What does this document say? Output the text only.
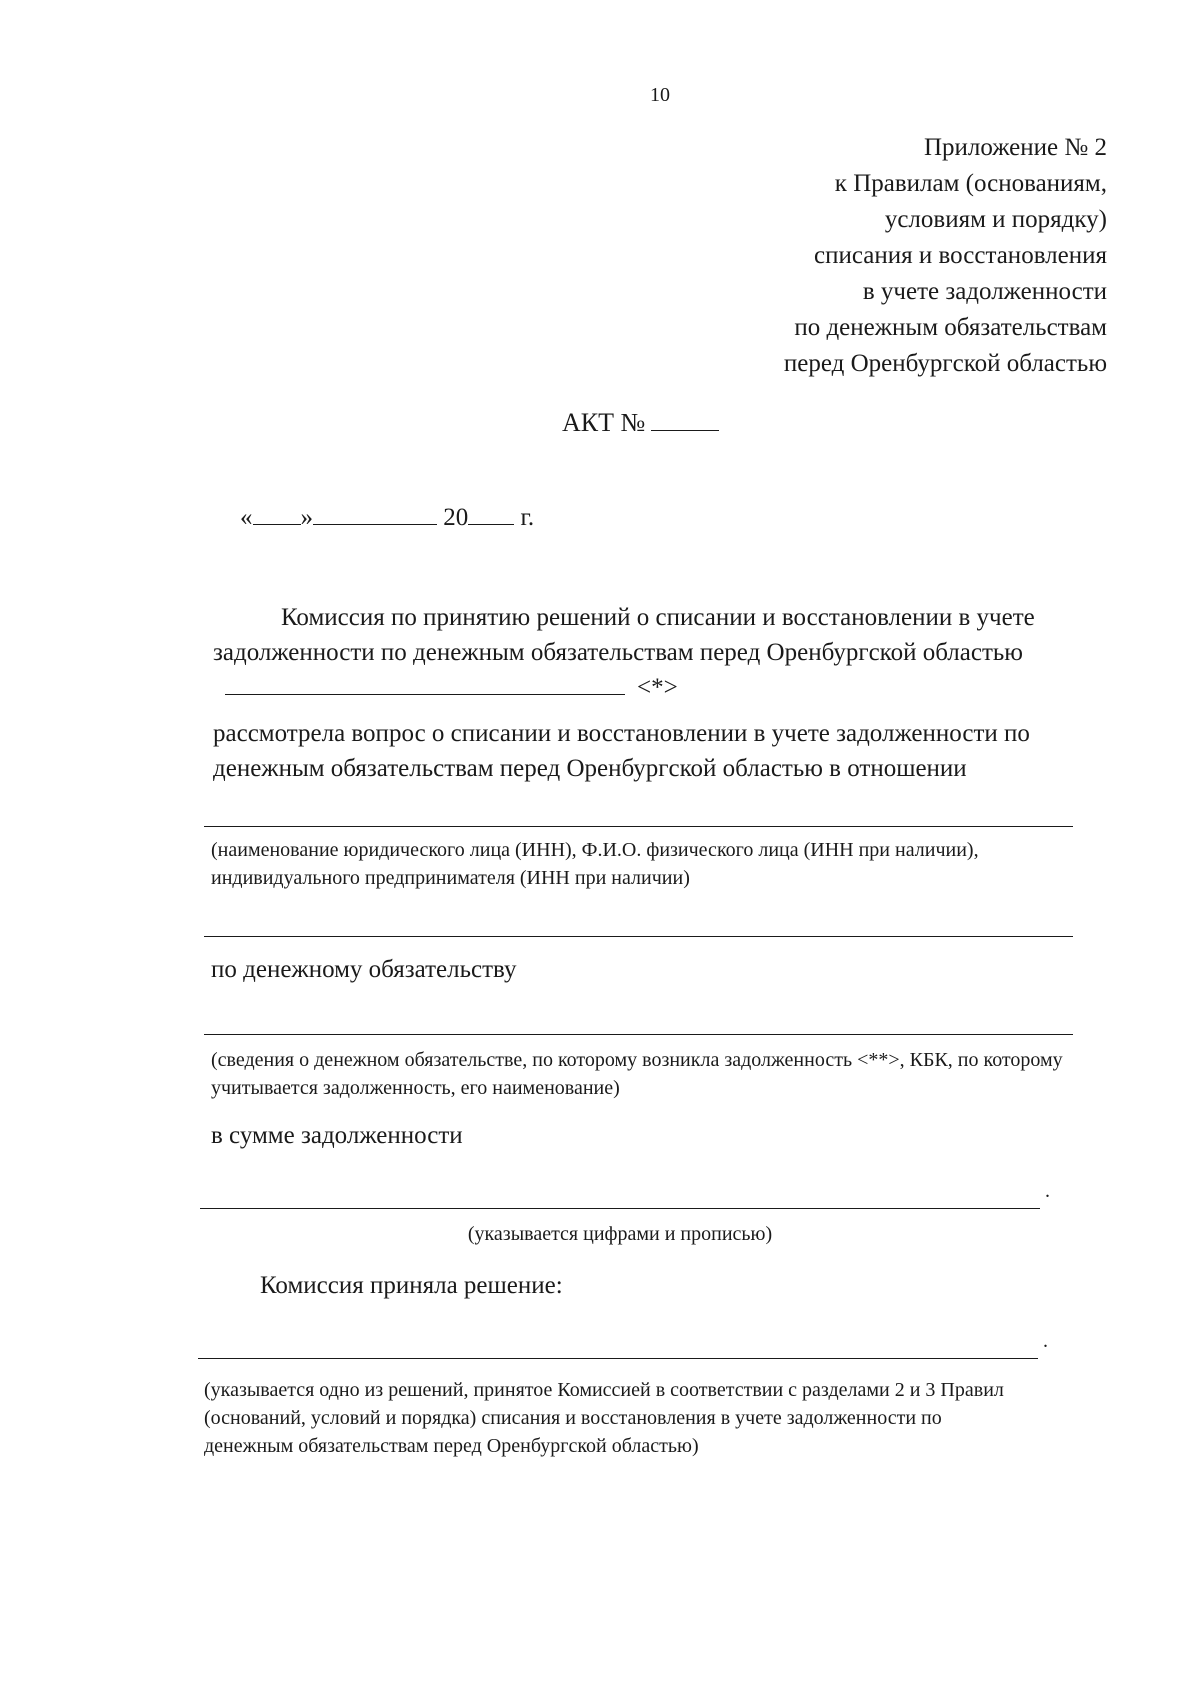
10
Приложение № 2
к Правилам (основаниям,
условиям и порядку)
списания и восстановления
в учете задолженности
по денежным обязательствам
перед Оренбургской областью
АКТ №
« »	20 г.
Комиссия по принятию решений о списании и восстановлении в учете задолженности по денежным обязательствам перед Оренбургской областью<*>
рассмотрела вопрос о списании и восстановлении в учете задолженности по денежным обязательствам перед Оренбургской областью в отношении
(наименование юридического лица (ИНН), Ф.И.О. физического лица (ИНН при наличии), индивидуального предпринимателя (ИНН при наличии)
по денежному обязательству
(сведения о денежном обязательстве, по которому возникла задолженность <**>, КБК, по которому учитывается задолженность, его наименование)
в сумме задолженности
.
(указывается цифрами и прописью)
Комиссия приняла решение:
.
(указывается одно из решений, принятое Комиссией в соответствии с разделами 2 и 3 Правил (оснований, условий и порядка) списания и восстановления в учете задолженности по денежным обязательствам перед Оренбургской областью)
